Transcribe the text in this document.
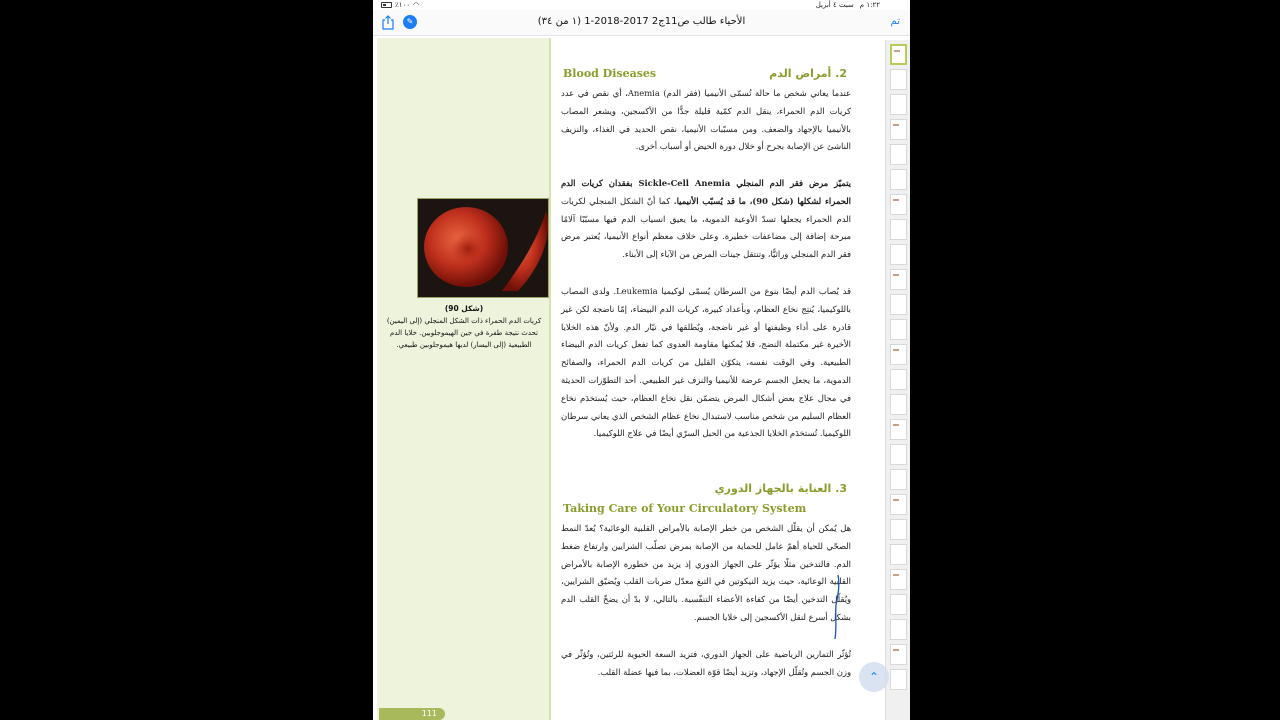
٪١٠٠ ◠	١:٢٢ م
سبت ٤ أبريل
✎	الأحياء طالب ص11ج2 2017-2018-1 (١ من ٣٤)	تم
(شكل 90)
كريات الدم الحمراء ذات الشكل المنجلي (إلى اليمين) تحدث نتيجة طفرة في جين الهيموجلوبين. خلايا الدم الطبيعية (إلى اليسار) لديها هيموجلوبين طبيعي.
111
2. أمراض الدم
Blood Diseases

عندما يعاني شخص ما حالة تُسمّى الأنيميا (فقر الدم) Anemia، أي نقص في عدد كريات الدم الحمراء، ينقل الدم كمّية قليلة جدًّا من الأكسجين، ويشعر المصاب بالأنيميا بالإجهاد والضعف. ومن مسبّبات الأنيميا، نقص الحديد في الغذاء، والنزيف الناشئ عن الإصابة بجرح أو خلال دورة الحيض أو أسباب أخرى.

يتميّز مرض فقر الدم المنجلي Sickle-Cell Anemia بفقدان كريات الدم الحمراء لشكلها (شكل 90)، ما قد يُسبّب الأنيميا. كما أنّ الشكل المنجلي لكريات الدم الحمراء يجعلها تسدّ الأوعية الدموية، ما يعيق انسياب الدم فيها مسبّبًا آلامًا مبرحة إضافة إلى مضاعفات خطيرة. وعلى خلاف معظم أنواع الأنيميا، يُعتبر مرض فقر الدم المنجلي وراثيًّا، وتنتقل جينات المرض من الآباء إلى الأبناء.

قد يُصاب الدم أيضًا بنوع من السرطان يُسمّى لوكيميا Leukemia. ولدى المصاب باللوكيميا، يُنتِج نخاع العظام، وبأعداد كبيرة، كريات الدم البيضاء، إمّا ناضجة لكن غير قادرة على أداء وظيفتها أو غير ناضجة، ويُطلقها في تيّار الدم. ولأنّ هذه الخلايا الأخيرة غير مكتملة النضج، فلا يُمكنها مقاومة العدوى كما تفعل كريات الدم البيضاء الطبيعية. وفي الوقت نفسه، يتكوّن القليل من كريات الدم الحمراء، والصفائح الدموية، ما يجعل الجسم عرضة للأنيميا والنزف غير الطبيعي. أحد التطوّرات الحديثة في مجال علاج بعض أشكال المرض يتضمّن نقل نخاع العظام، حيث يُستخدَم نخاع العظام السليم من شخص مناسب لاستبدال نخاع عظام الشخص الذي يعاني سرطان اللوكيميا. تُستخدَم الخلايا الجذعية من الحبل السرّي أيضًا في علاج اللوكيميا.

3. العناية بالجهاز الدوري
Taking Care of Your Circulatory System

هل يُمكن أن يقلّل الشخص من خطر الإصابة بالأمراض القلبية الوعائية؟ يُعدّ النمط الصحّي للحياة أهمّ عامل للحماية من الإصابة بمرض تصلّب الشرايين وارتفاع ضغط الدم. فالتدخين مثلًا يؤثّر على الجهاز الدوري إذ يزيد من خطورة الإصابة بالأمراض القلبية الوعائية، حيث يزيد النيكوتين في التبغ معدّل ضربات القلب ويُضيّق الشرايين، ويُقلّل التدخين أيضًا من كفاءة الأعضاء التنفّسية. بالتالي، لا بدّ أن يضخّ القلب الدم بشكل أسرع لنقل الأكسجين إلى خلايا الجسم.

تُؤثّر التمارين الرياضية على الجهاز الدوري، فتزيد السعة الحيوية للرئتين، وتُؤثّر في وزن الجسم وتُقلّل الإجهاد، وتزيد أيضًا قوّة العضلات، بما فيها عضلة القلب.	⌃
